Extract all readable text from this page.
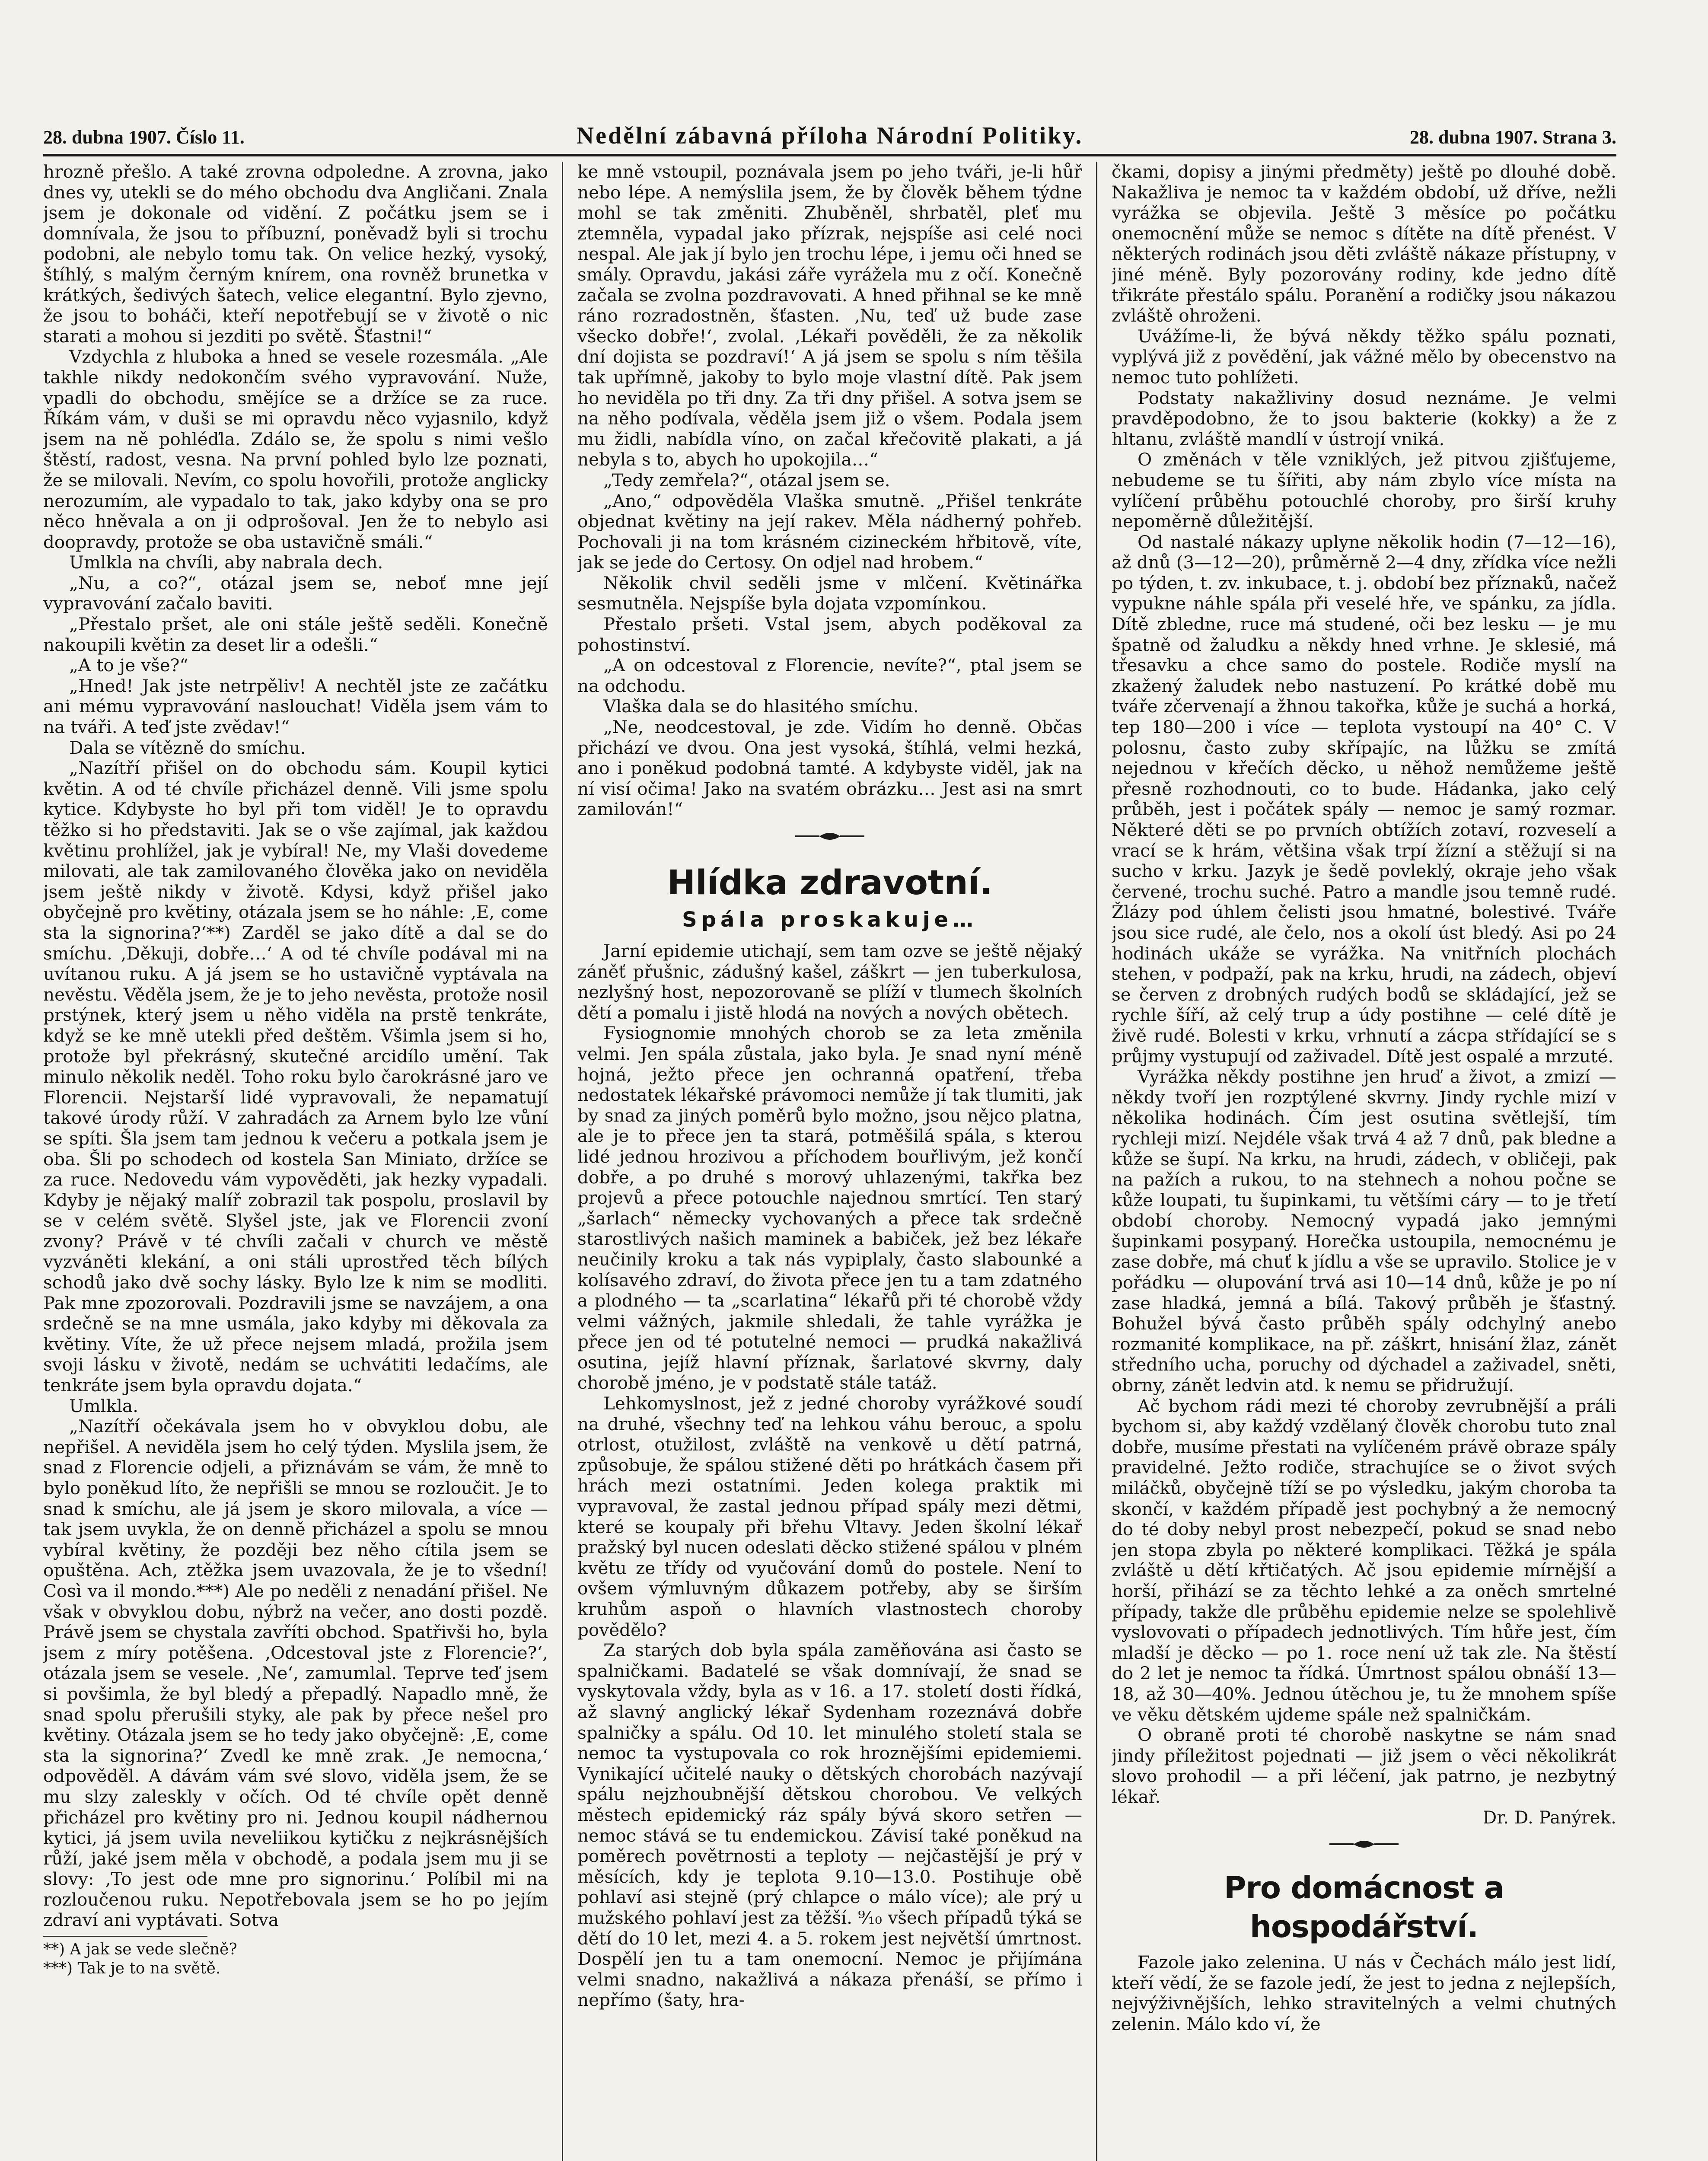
28. dubna 1907. Číslo 11.	Nedělní zábavná příloha Národní Politiky.	28. dubna 1907. Strana 3.

hrozně přešlo. A také zrovna odpoledne. A zrovna, jako dnes vy, utekli se do mého obchodu dva Angličani. Znala jsem je dokonale od vidění. Z počátku jsem se i domnívala, že jsou to příbuzní, poněvadž byli si trochu podobni, ale nebylo tomu tak. On velice hezký, vysoký, štíhlý, s malým černým knírem, ona rovněž brunetka v krátkých, šedivých šatech, velice elegantní. Bylo zjevno, že jsou to boháči, kteří nepotřebují se v životě o nic starati a mohou si jezditi po světě. Šťastni!“

Vzdychla z hluboka a hned se vesele rozesmála. „Ale takhle nikdy nedokončím svého vypravování. Nuže, vpadli do obchodu, smějíce se a držíce se za ruce. Říkám vám, v duši se mi opravdu něco vyjasnilo, když jsem na ně pohléďla. Zdálo se, že spolu s nimi vešlo štěstí, radost, vesna. Na první pohled bylo lze poznati, že se milovali. Nevím, co spolu hovořili, protože anglicky nerozumím, ale vypadalo to tak, jako kdyby ona se pro něco hněvala a on ji odprošoval. Jen že to nebylo asi doopravdy, protože se oba ustavičně smáli.“

Umlkla na chvíli, aby nabrala dech.

„Nu, a co?“, otázal jsem se, neboť mne její vypravování začalo baviti.

„Přestalo pršet, ale oni stále ještě seděli. Konečně nakoupili květin za deset lir a odešli.“

„A to je vše?“

„Hned! Jak jste netrpěliv! A nechtěl jste ze začátku ani mému vypravování naslouchat! Viděla jsem vám to na tváři. A teď jste zvědav!“

Dala se vítězně do smíchu.

„Nazítří přišel on do obchodu sám. Koupil kytici květin. A od té chvíle přicházel denně. Vili jsme spolu kytice. Kdybyste ho byl při tom viděl! Je to opravdu těžko si ho představiti. Jak se o vše zajímal, jak každou květinu prohlížel, jak je vybíral! Ne, my Vlaši dovedeme milovati, ale tak zamilovaného člověka jako on neviděla jsem ještě nikdy v životě. Kdysi, když přišel jako obyčejně pro květiny, otázala jsem se ho náhle: ‚E, come sta la signorina?‘**) Zarděl se jako dítě a dal se do smíchu. ‚Děkuji, dobře…‘ A od té chvíle podával mi na uvítanou ruku. A já jsem se ho ustavičně vyptávala na nevěstu. Věděla jsem, že je to jeho nevěsta, protože nosil prstýnek, který jsem u něho viděla na prstě tenkráte, když se ke mně utekli před deštěm. Všimla jsem si ho, protože byl překrásný, skutečné arcidílo umění. Tak minulo několik neděl. Toho roku bylo čarokrásné jaro ve Florencii. Nejstarší lidé vypravovali, že nepamatují takové úrody růží. V zahradách za Arnem bylo lze vůní se spíti. Šla jsem tam jednou k večeru a potkala jsem je oba. Šli po schodech od kostela San Miniato, držíce se za ruce. Nedovedu vám vypověděti, jak hezky vypadali. Kdyby je nějaký malíř zobrazil tak pospolu, proslavil by se v celém světě. Slyšel jste, jak ve Florencii zvoní zvony? Právě v té chvíli začali v church ve městě vyzváněti klekání, a oni stáli uprostřed těch bílých schodů jako dvě sochy lásky. Bylo lze k nim se modliti. Pak mne zpozorovali. Pozdravili jsme se navzájem, a ona srdečně se na mne usmála, jako kdyby mi děkovala za květiny. Víte, že už přece nejsem mladá, prožila jsem svoji lásku v životě, nedám se uchvátiti ledačíms, ale tenkráte jsem byla opravdu dojata.“

Umlkla.

„Nazítří očekávala jsem ho v obvyklou dobu, ale nepřišel. A neviděla jsem ho celý týden. Myslila jsem, že snad z Florencie odjeli, a přiznávám se vám, že mně to bylo poněkud líto, že nepřišli se mnou se rozloučit. Je to snad k smíchu, ale já jsem je skoro milovala, a více — tak jsem uvykla, že on denně přicházel a spolu se mnou vybíral květiny, že později bez něho cítila jsem se opuštěna. Ach, ztěžka jsem uvazovala, že je to všední! Così va il mondo.***) Ale po neděli z nenadání přišel. Ne však v obvyklou dobu, nýbrž na večer, ano dosti pozdě. Právě jsem se chystala zavříti obchod. Spatřivši ho, byla jsem z míry potěšena. ‚Odcestoval jste z Florencie?‘, otázala jsem se vesele. ‚Ne‘, zamumlal. Teprve teď jsem si povšimla, že byl bledý a přepadlý. Napadlo mně, že snad spolu přerušili styky, ale pak by přece nešel pro květiny. Otázala jsem se ho tedy jako obyčejně: ‚E, come sta la signorina?‘ Zvedl ke mně zrak. ‚Je nemocna,‘ odpověděl. A dávám vám své slovo, viděla jsem, že se mu slzy zaleskly v očích. Od té chvíle opět denně přicházel pro květiny pro ni. Jednou koupil nádhernou kytici, já jsem uvila neveliikou kytičku z nejkrásnějších růží, jaké jsem měla v obchodě, a podala jsem mu ji se slovy: ‚To jest ode mne pro signorinu.‘ Políbil mi na rozloučenou ruku. Nepotřebovala jsem se ho po jejím zdraví ani vyptávati. Sotva

**) A jak se vede slečně?
***) Tak je to na světě.

ke mně vstoupil, poznávala jsem po jeho tváři, je-li hůř nebo lépe. A nemýslila jsem, že by člověk během týdne mohl se tak změniti. Zhuběněl, shrbatěl, pleť mu ztemněla, vypadal jako přízrak, nejspíše asi celé noci nespal. Ale jak jí bylo jen trochu lépe, i jemu oči hned se smály. Opravdu, jakási záře vyrážela mu z očí. Konečně začala se zvolna pozdravovati. A hned přihnal se ke mně ráno rozradostněn, šťasten. ‚Nu, teď už bude zase všecko dobře!‘, zvolal. ‚Lékaři pověděli, že za několik dní dojista se pozdraví!‘ A já jsem se spolu s ním těšila tak upřímně, jakoby to bylo moje vlastní dítě. Pak jsem ho neviděla po tři dny. Za tři dny přišel. A sotva jsem se na něho podívala, věděla jsem již o všem. Podala jsem mu židli, nabídla víno, on začal křečovitě plakati, a já nebyla s to, abych ho upokojila…“

„Tedy zemřela?“, otázal jsem se.

„Ano,“ odpověděla Vlaška smutně. „Přišel tenkráte objednat květiny na její rakev. Měla nádherný pohřeb. Pochovali ji na tom krásném cizineckém hřbitově, víte, jak se jede do Certosy. On odjel nad hrobem.“

Několik chvil seděli jsme v mlčení. Květinářka sesmutněla. Nejspíše byla dojata vzpomínkou.

Přestalo pršeti. Vstal jsem, abych poděkoval za pohostinství.

„A on odcestoval z Florencie, nevíte?“, ptal jsem se na odchodu.

Vlaška dala se do hlasitého smíchu.

„Ne, neodcestoval, je zde. Vidím ho denně. Občas přichází ve dvou. Ona jest vysoká, štíhlá, velmi hezká, ano i poněkud podobná tamté. A kdybyste viděl, jak na ní visí očima! Jako na svatém obrázku… Jest asi na smrt zamilován!“

Hlídka zdravotní.
Spála proskakuje…

Jarní epidemie utichají, sem tam ozve se ještě nějaký záněť přušnic, zádušný kašel, záškrt — jen tuberkulosa, nezlyšný host, nepozorovaně se plíží v tlumech školních dětí a pomalu i jistě hlodá na nových a nových obětech.

Fysiognomie mnohých chorob se za leta změnila velmi. Jen spála zůstala, jako byla. Je snad nyní méně hojná, ježto přece jen ochranná opatření, třeba nedostatek lékařské právomoci nemůže jí tak tlumiti, jak by snad za jiných poměrů bylo možno, jsou nějco platna, ale je to přece jen ta stará, potměšilá spála, s kterou lidé jednou hrozivou a příchodem bouřlivým, jež končí dobře, a po druhé s morový uhlazenými, takřka bez projevů a přece potouchle najednou smrtící. Ten starý „šarlach“ německy vychovaných a přece tak srdečně starostlivých našich maminek a babiček, jež bez lékaře neučinily kroku a tak nás vypiplaly, často slabounké a kolísavého zdraví, do života přece jen tu a tam zdatného a plodného — ta „scarlatina“ lékařů při té chorobě vždy velmi vážných, jakmile shledali, že tahle vyrážka je přece jen od té potutelné nemoci — prudká nakažlivá osutina, jejíž hlavní příznak, šarlatové skvrny, daly chorobě jméno, je v podstatě stále tatáž.

Lehkomyslnost, jež z jedné choroby vyrážkové soudí na druhé, všechny teď na lehkou váhu berouc, a spolu otrlost, otužilost, zvláště na venkově u dětí patrná, způsobuje, že spálou stižené děti po hrátkách časem při hrách mezi ostatními. Jeden kolega praktik mi vypravoval, že zastal jednou případ spály mezi dětmi, které se koupaly při břehu Vltavy. Jeden školní lékař pražský byl nucen odeslati děcko stižené spálou v plném květu ze třídy od vyučování domů do postele. Není to ovšem výmluvným důkazem potřeby, aby se širším kruhům aspoň o hlavních vlastnostech choroby povědělo?

Za starých dob byla spála zaměňována asi často se spalničkami. Badatelé se však domnívají, že snad se vyskytovala vždy, byla as v 16. a 17. století dosti řídká, až slavný anglický lékař Sydenham rozeznává dobře spalničky a spálu. Od 10. let minulého století stala se nemoc ta vystupovala co rok hroznějšími epidemiemi. Vynikající učitelé nauky o dětských chorobách nazývají spálu nejzhoubnější dětskou chorobou. Ve velkých městech epidemický ráz spály bývá skoro setřen — nemoc stává se tu endemickou. Závisí také poněkud na poměrech povětrnosti a teploty — nejčastější je prý v měsících, kdy je teplota 9.10—13.0. Postihuje obě pohlaví asi stejně (prý chlapce o málo více); ale prý u mužského pohlaví jest za těžší. ⁹⁄₁₀ všech případů týká se dětí do 10 let, mezi 4. a 5. rokem jest největší úmrtnost. Dospělí jen tu a tam onemocní. Nemoc je přijímána velmi snadno, nakažlivá a nákaza přenáší, se přímo i nepřímo (šaty, hra-

čkami, dopisy a jinými předměty) ještě po dlouhé době. Nakažliva je nemoc ta v každém období, už dříve, nežli vyrážka se objevila. Ještě 3 měsíce po počátku onemocnění může se nemoc s dítěte na dítě přenést. V některých rodinách jsou děti zvláště nákaze přístupny, v jiné méně. Byly pozorovány rodiny, kde jedno dítě třikráte přestálo spálu. Poranění a rodičky jsou nákazou zvláště ohroženi.

Uvážíme-li, že bývá někdy těžko spálu poznati, vyplývá již z povědění, jak vážné mělo by obecenstvo na nemoc tuto pohlížeti.

Podstaty nakažliviny dosud neznáme. Je velmi pravděpodobno, že to jsou bakterie (kokky) a že z hltanu, zvláště mandlí v ústrojí vniká.

O změnách v těle vzniklých, jež pitvou zjišťujeme, nebudeme se tu šířiti, aby nám zbylo více místa na vylíčení průběhu potouchlé choroby, pro širší kruhy nepoměrně důležitější.

Od nastalé nákazy uplyne několik hodin (7—12—16), až dnů (3—12—20), průměrně 2—4 dny, zřídka více nežli po týden, t. zv. inkubace, t. j. období bez příznaků, načež vypukne náhle spála při veselé hře, ve spánku, za jídla. Dítě zbledne, ruce má studené, oči bez lesku — je mu špatně od žaludku a někdy hned vrhne. Je sklesié, má třesavku a chce samo do postele. Rodiče myslí na zkažený žaludek nebo nastuzení. Po krátké době mu tváře zčervenají a žhnou takořka, kůže je suchá a horká, tep 180—200 i více — teplota vystoupí na 40° C. V polosnu, často zuby skřípajíc, na lůžku se zmítá nejednou v křečích děcko, u něhož nemůžeme ještě přesně rozhodnouti, co to bude. Hádanka, jako celý průběh, jest i počátek spály — nemoc je samý rozmar. Některé děti se po prvních obtížích zotaví, rozveselí a vrací se k hrám, většina však trpí žízní a stěžují si na sucho v krku. Jazyk je šedě povleklý, okraje jeho však červené, trochu suché. Patro a mandle jsou temně rudé. Žlázy pod úhlem čelisti jsou hmatné, bolestivé. Tváře jsou sice rudé, ale čelo, nos a okolí úst bledý. Asi po 24 hodinách ukáže se vyrážka. Na vnitřních plochách stehen, v podpaží, pak na krku, hrudi, na zádech, objeví se červen z drobných rudých bodů se skládající, jež se rychle šíří, až celý trup a údy postihne — celé dítě je živě rudé. Bolesti v krku, vrhnutí a zácpa střídající se s průjmy vystupují od zaživadel. Dítě jest ospalé a mrzuté.

Vyrážka někdy postihne jen hruď a život, a zmizí — někdy tvoří jen rozptýlené skvrny. Jindy rychle mizí v několika hodinách. Čím jest osutina světlejší, tím rychleji mizí. Nejdéle však trvá 4 až 7 dnů, pak bledne a kůže se šupí. Na krku, na hrudi, zádech, v obličeji, pak na pažích a rukou, to na stehnech a nohou počne se kůže loupati, tu šupinkami, tu většími cáry — to je třetí období choroby. Nemocný vypadá jako jemnými šupinkami posypaný. Horečka ustoupila, nemocnému je zase dobře, má chuť k jídlu a vše se upravilo. Stolice je v pořádku — olupování trvá asi 10—14 dnů, kůže je po ní zase hladká, jemná a bílá. Takový průběh je šťastný. Bohužel bývá často průběh spály odchylný anebo rozmanité komplikace, na př. záškrt, hnisání žlaz, zánět středního ucha, poruchy od dýchadel a zaživadel, sněti, obrny, zánět ledvin atd. k nemu se přidružují.

Ač bychom rádi mezi té choroby zevrubnější a práli bychom si, aby každý vzdělaný člověk chorobu tuto znal dobře, musíme přestati na vylíčeném právě obraze spály pravidelné. Ježto rodiče, strachujíce se o život svých miláčků, obyčejně tíží se po výsledku, jakým choroba ta skončí, v každém případě jest pochybný a že nemocný do té doby nebyl prost nebezpečí, pokud se snad nebo jen stopa zbyla po některé komplikaci. Těžká je spála zvláště u dětí křtičatých. Ač jsou epidemie mírnější a horší, přihází se za těchto lehké a za oněch smrtelné případy, takže dle průběhu epidemie nelze se spolehlivě vyslovovati o případech jednotlivých. Tím hůře jest, čím mladší je děcko — po 1. roce není už tak zle. Na štěstí do 2 let je nemoc ta řídká. Úmrtnost spálou obnáší 13—18, až 30—40%. Jednou útěchou je, tu že mnohem spíše ve věku dětském ujdeme spále než spalničkám.

O obraně proti té chorobě naskytne se nám snad jindy příležitost pojednati — již jsem o věci několikrát slovo prohodil — a při léčení, jak patrno, je nezbytný lékař.

Dr. D. Panýrek.

Pro domácnost a hospodářství.

Fazole jako zelenina. U nás v Čechách málo jest lidí, kteří vědí, že se fazole jedí, že jest to jedna z nejlepších, nejvýživnějších, lehko stravitelných a velmi chutných zelenin. Málo kdo ví, že
